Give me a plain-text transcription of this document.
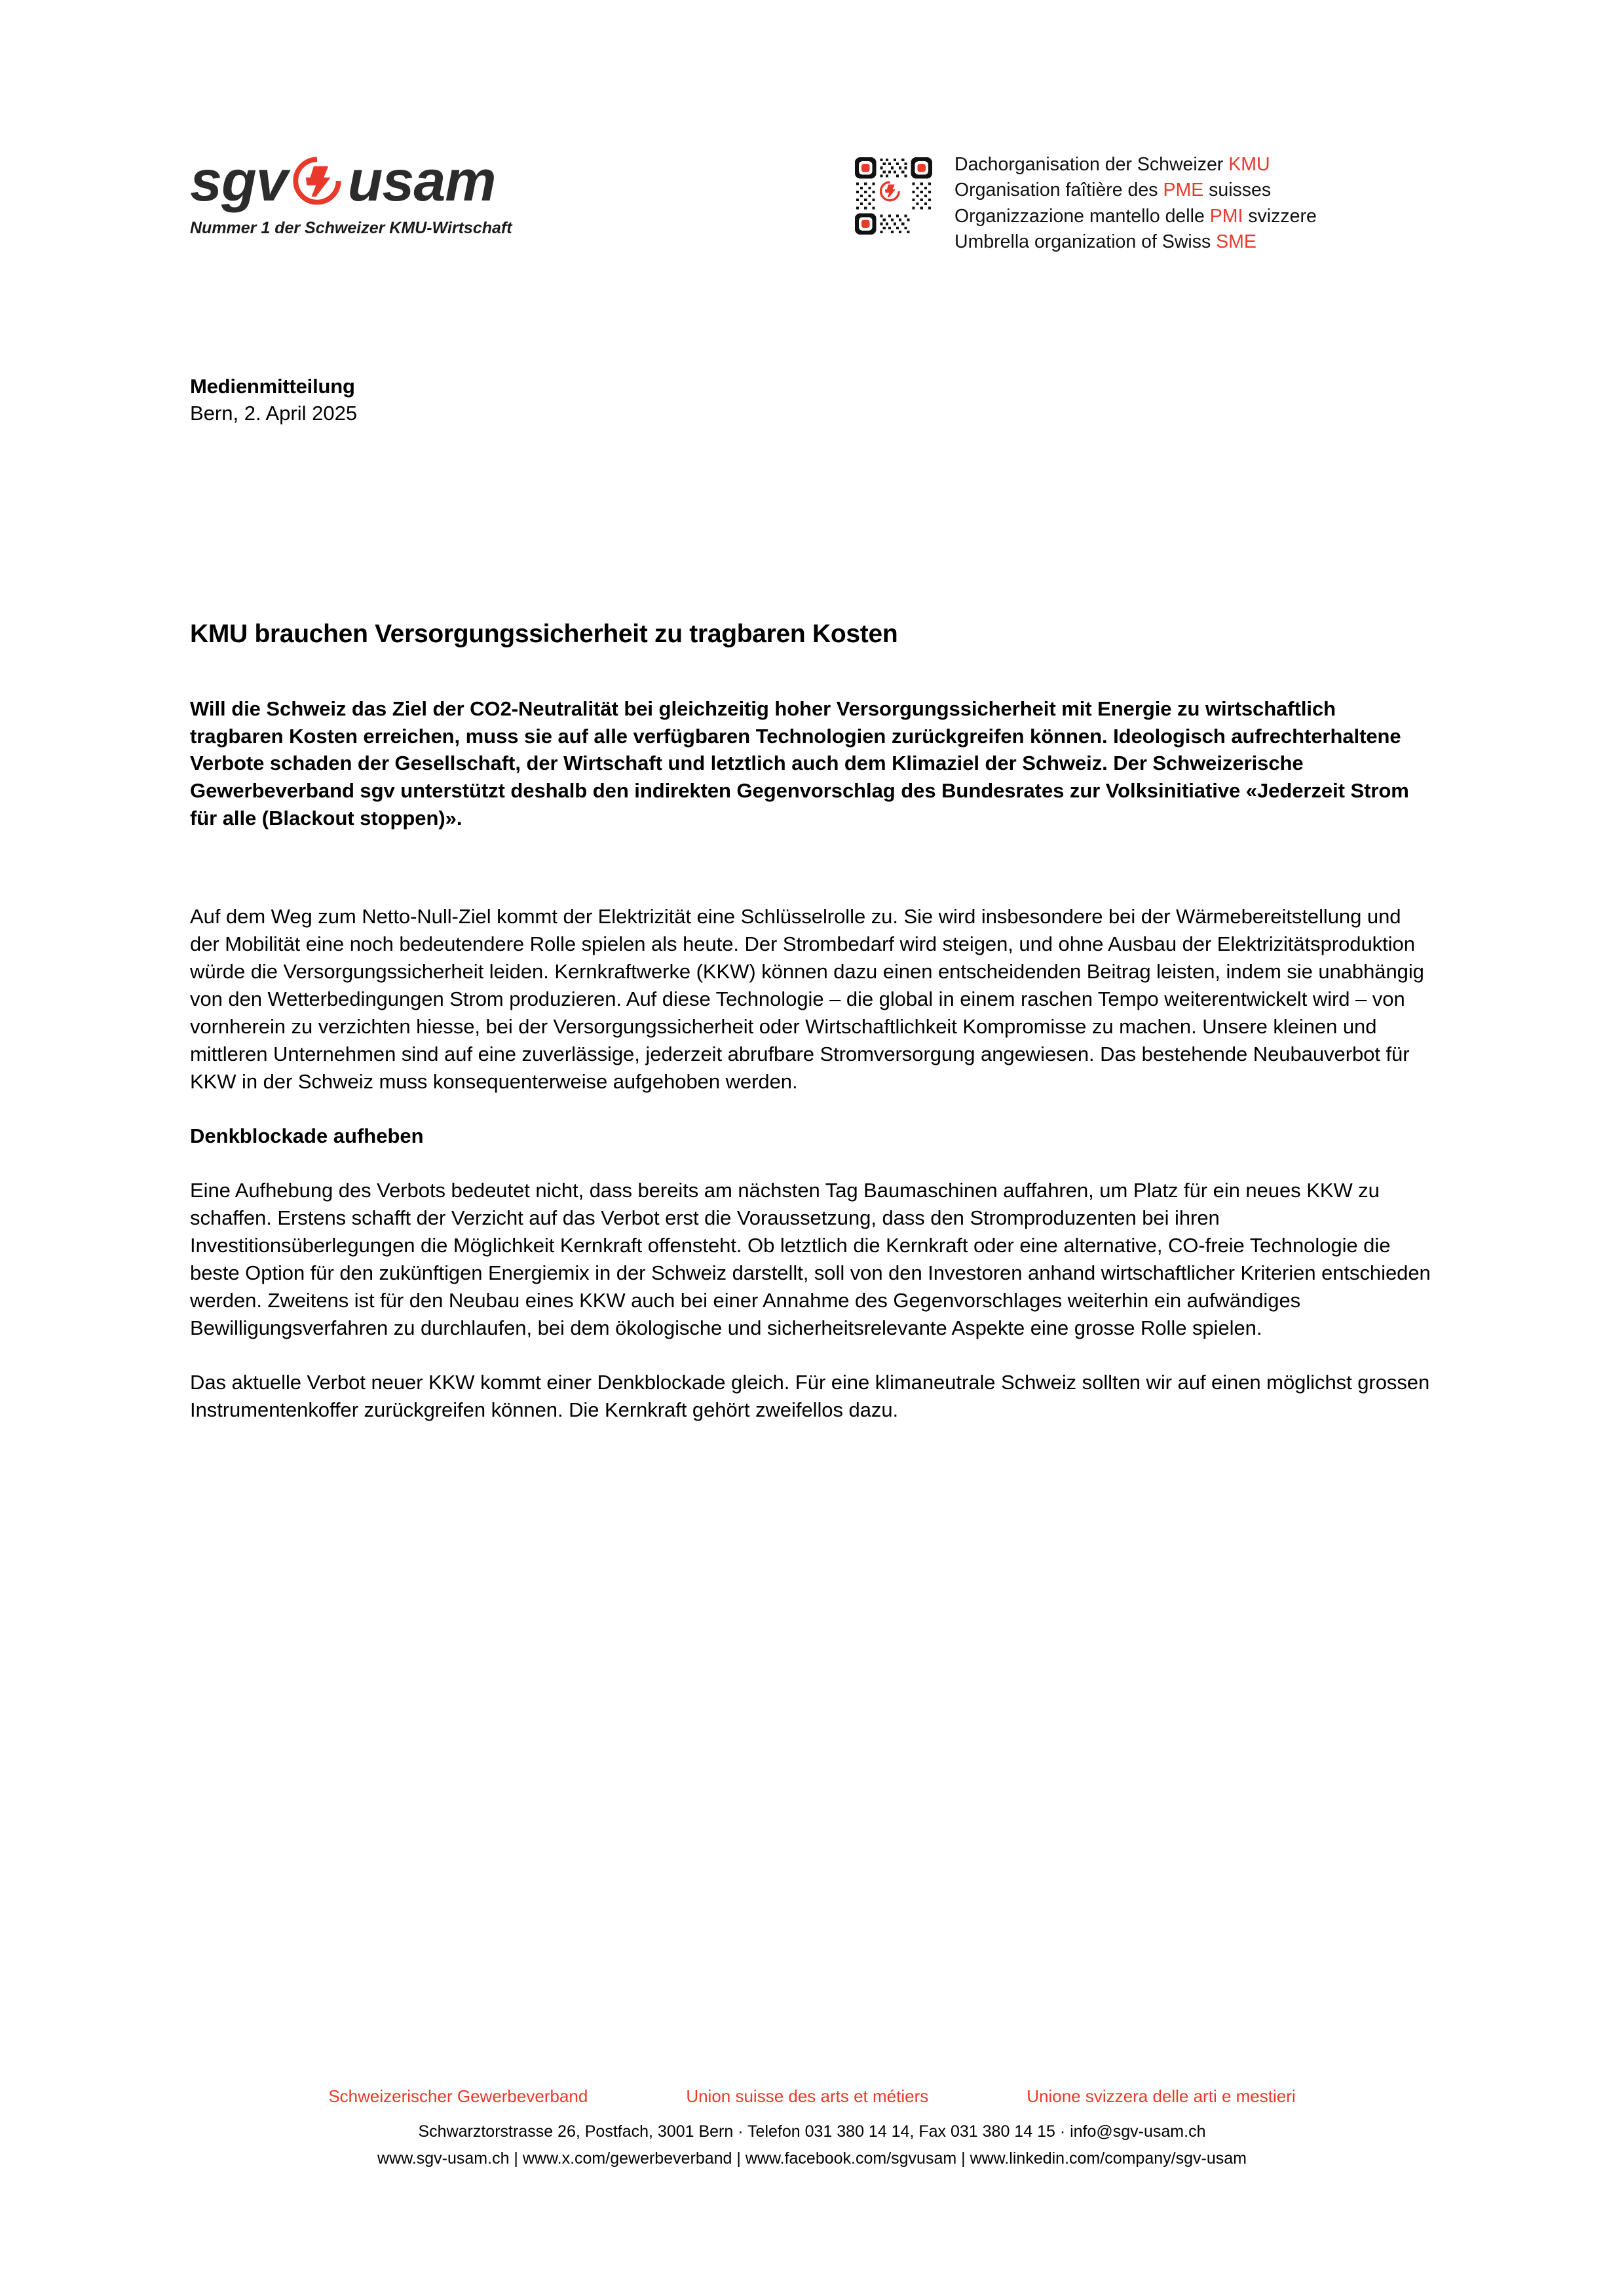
sgv usam
Nummer 1 der Schweizer KMU-Wirtschaft
Dachorganisation der Schweizer KMU
Organisation faîtière des PME suisses
Organizzazione mantello delle PMI svizzere
Umbrella organization of Swiss SME
Medienmitteilung
Bern, 2. April 2025
KMU brauchen Versorgungssicherheit zu tragbaren Kosten

Will die Schweiz das Ziel der CO2-Neutralität bei gleichzeitig hoher Versorgungssicherheit mit Energie zu wirtschaftlich tragbaren Kosten erreichen, muss sie auf alle verfügbaren Technologien zurückgreifen können. Ideologisch aufrechterhaltene Verbote schaden der Gesellschaft, der Wirtschaft und letztlich auch dem Klimaziel der Schweiz. Der Schweizerische Gewerbeverband sgv unterstützt deshalb den indirekten Gegenvorschlag des Bundesrates zur Volksinitiative «Jederzeit Strom für alle (Blackout stoppen)».

Auf dem Weg zum Netto-Null-Ziel kommt der Elektrizität eine Schlüsselrolle zu. Sie wird insbesondere bei der Wärmebereitstellung und der Mobilität eine noch bedeutendere Rolle spielen als heute. Der Strombedarf wird steigen, und ohne Ausbau der Elektrizitätsproduktion würde die Versorgungssicherheit leiden. Kernkraftwerke (KKW) können dazu einen entscheidenden Beitrag leisten, indem sie unabhängig von den Wetterbedingungen Strom produzieren. Auf diese Technologie – die global in einem raschen Tempo weiterentwickelt wird – von vornherein zu verzichten hiesse, bei der Versorgungssicherheit oder Wirtschaftlichkeit Kompromisse zu machen. Unsere kleinen und mittleren Unternehmen sind auf eine zuverlässige, jederzeit abrufbare Stromversorgung angewiesen. Das bestehende Neubauverbot für KKW in der Schweiz muss konsequenterweise aufgehoben werden.

Denkblockade aufheben

Eine Aufhebung des Verbots bedeutet nicht, dass bereits am nächsten Tag Baumaschinen auffahren, um Platz für ein neues KKW zu schaffen. Erstens schafft der Verzicht auf das Verbot erst die Voraussetzung, dass den Stromproduzenten bei ihren Investitionsüberlegungen die Möglichkeit Kernkraft offensteht. Ob letztlich die Kernkraft oder eine alternative, CO-freie Technologie die beste Option für den zukünftigen Energiemix in der Schweiz darstellt, soll von den Investoren anhand wirtschaftlicher Kriterien entschieden werden. Zweitens ist für den Neubau eines KKW auch bei einer Annahme des Gegenvorschlages weiterhin ein aufwändiges Bewilligungsverfahren zu durchlaufen, bei dem ökologische und sicherheitsrelevante Aspekte eine grosse Rolle spielen.

Das aktuelle Verbot neuer KKW kommt einer Denkblockade gleich. Für eine klimaneutrale Schweiz sollten wir auf einen möglichst grossen Instrumentenkoffer zurückgreifen können. Die Kernkraft gehört zweifellos dazu.

Schweizerischer Gewerbeverband	Union suisse des arts et métiers	Unione svizzera delle arti e mestieri
Schwarztorstrasse 26, Postfach, 3001 Bern · Telefon 031 380 14 14, Fax 031 380 14 15 · info@sgv-usam.ch
www.sgv-usam.ch | www.x.com/gewerbeverband | www.facebook.com/sgvusam | www.linkedin.com/company/sgv-usam
